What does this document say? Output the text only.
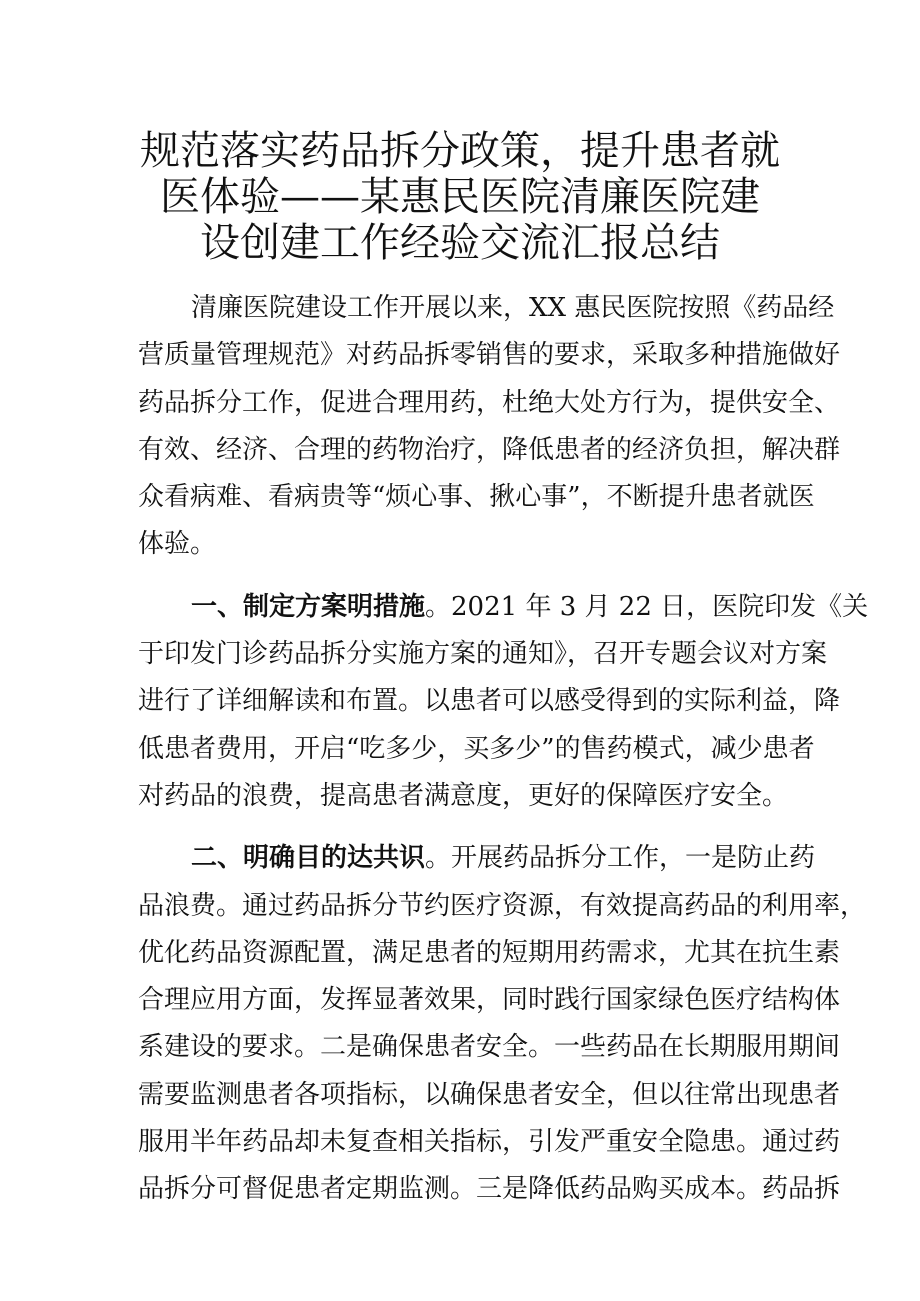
规范落实药品拆分政策，提升患者就
医体验——某惠民医院清廉医院建
设创建工作经验交流汇报总结
清廉医院建设工作开展以来，XX 惠民医院按照《药品经
营质量管理规范》对药品拆零销售的要求，采取多种措施做好
药品拆分工作，促进合理用药，杜绝大处方行为，提供安全、
有效、经济、合理的药物治疗，降低患者的经济负担，解决群
众看病难、看病贵等“烦心事、揪心事”，不断提升患者就医
体验。
一、制定方案明措施。2021 年 3 月 22 日，医院印发《关
于印发门诊药品拆分实施方案的通知》，召开专题会议对方案
进行了详细解读和布置。以患者可以感受得到的实际利益，降
低患者费用，开启“吃多少，买多少”的售药模式，减少患者
对药品的浪费，提高患者满意度，更好的保障医疗安全。
二、明确目的达共识。开展药品拆分工作，一是防止药
品浪费。通过药品拆分节约医疗资源，有效提高药品的利用率，
优化药品资源配置，满足患者的短期用药需求，尤其在抗生素
合理应用方面，发挥显著效果，同时践行国家绿色医疗结构体
系建设的要求。二是确保患者安全。一些药品在长期服用期间
需要监测患者各项指标，以确保患者安全，但以往常出现患者
服用半年药品却未复查相关指标，引发严重安全隐患。通过药
品拆分可督促患者定期监测。三是降低药品购买成本。药品拆
